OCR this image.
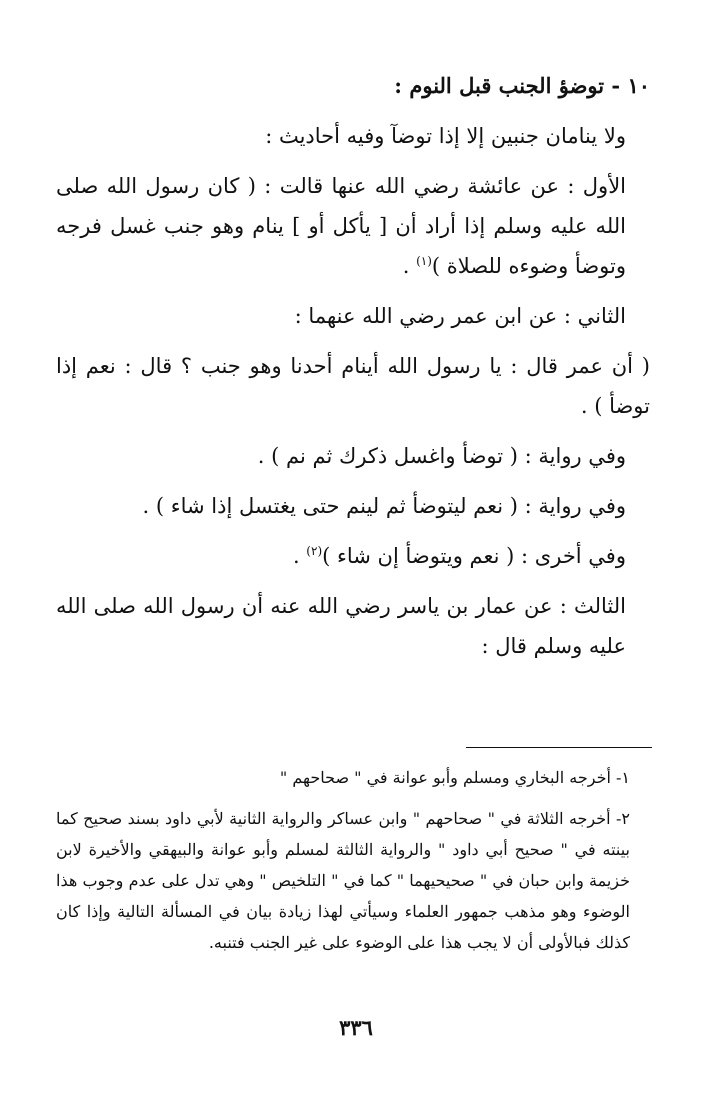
١٠ - توضؤ الجنب قبل النوم :

ولا ينامان جنبين إلا إذا توضآ وفيه أحاديث :

الأول : عن عائشة رضي الله عنها قالت : ( كان رسول الله صلى الله عليه وسلم إذا أراد أن [ يأكل أو ] ينام وهو جنب غسل فرجه وتوضأ وضوءه للصلاة )$^{(١)}$ .

الثاني : عن ابن عمر رضي الله عنهما :

( أن عمر قال : يا رسول الله أينام أحدنا وهو جنب ؟ قال : نعم إذا توضأ ) .

وفي رواية : ( توضأ واغسل ذكرك ثم نم ) .

وفي رواية : ( نعم ليتوضأ ثم لينم حتى يغتسل إذا شاء ) .

وفي أخرى : ( نعم ويتوضأ إن شاء )$^{(٢)}$ .

الثالث : عن عمار بن ياسر رضي الله عنه أن رسول الله صلى الله عليه وسلم قال :

١- أخرجه البخاري ومسلم وأبو عوانة في " صحاحهم "

٢- أخرجه الثلاثة في " صحاحهم " وابن عساكر والرواية الثانية لأبي داود بسند صحيح كما بينته في " صحيح أبي داود " والرواية الثالثة لمسلم وأبو عوانة والبيهقي والأخيرة لابن خزيمة وابن حبان في " صحيحيهما " كما في " التلخيص " وهي تدل على عدم وجوب هذا الوضوء وهو مذهب جمهور العلماء وسيأتي لهذا زيادة بيان في المسألة التالية وإذا كان كذلك فبالأولى أن لا يجب هذا على الوضوء على غير الجنب فتنبه.

٣٣٦
